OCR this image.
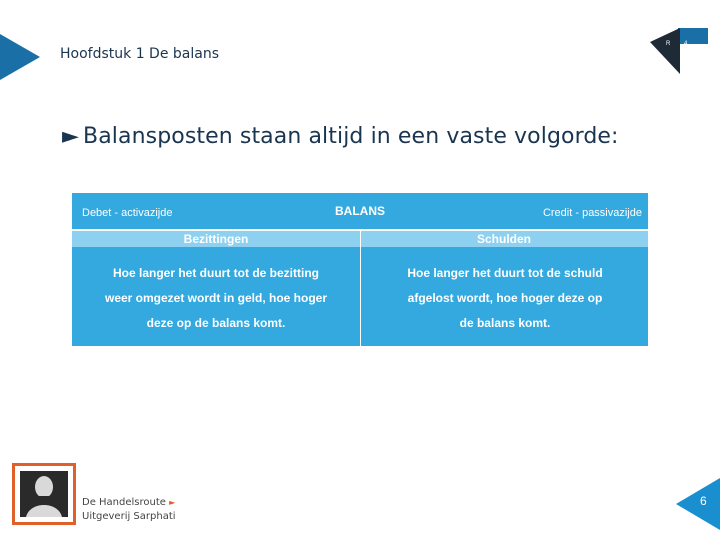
Hoofdstuk 1 De balans
R 4
► Balansposten staan altijd in een vaste volgorde:
Debet - activazijde	BALANS	Credit - passivazijde
Bezittingen	Schulden
Hoe langer het duurt tot de bezitting
weer omgezet wordt in geld, hoe hoger
deze op de balans komt.
Hoe langer het duurt tot de schuld
afgelost wordt, hoe hoger deze op
de balans komt.
De Handelsroute ►
Uitgeverij Sarphati
6
